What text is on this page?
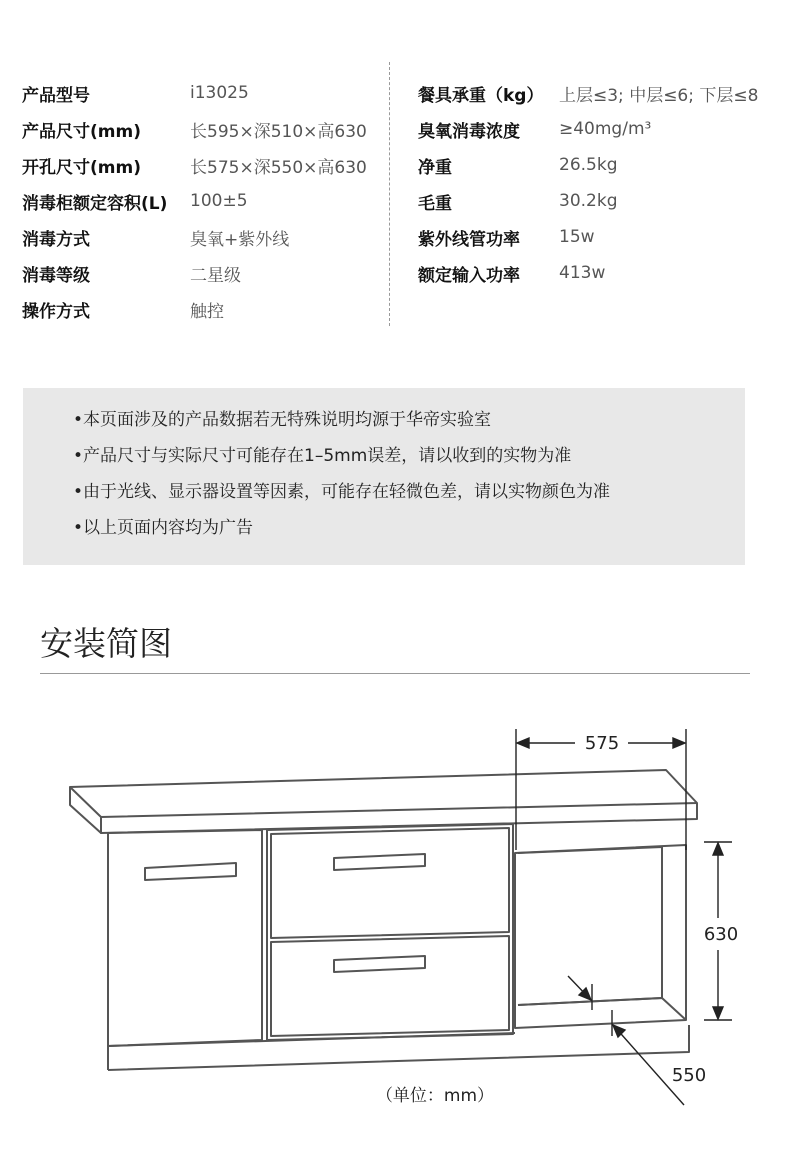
产品型号	i13025
产品尺寸(mm)	长595×深510×高630
开孔尺寸(mm)	长575×深550×高630
消毒柜额定容积(L)	100±5
消毒方式	臭氧+紫外线
消毒等级	二星级
操作方式	触控
餐具承重（kg） 上层≤3; 中层≤6; 下层≤8
臭氧消毒浓度	≥40mg/m³
净重	26.5kg
毛重	30.2kg
紫外线管功率	15w
额定输入功率	413w
•本页面涉及的产品数据若无特殊说明均源于华帝实验室
•产品尺寸与实际尺寸可能存在1–5mm误差，请以收到的实物为准
•由于光线、显示器设置等因素，可能存在轻微色差，请以实物颜色为准
•以上页面内容均为广告
安装简图
575
630
550
（单位：mm）
